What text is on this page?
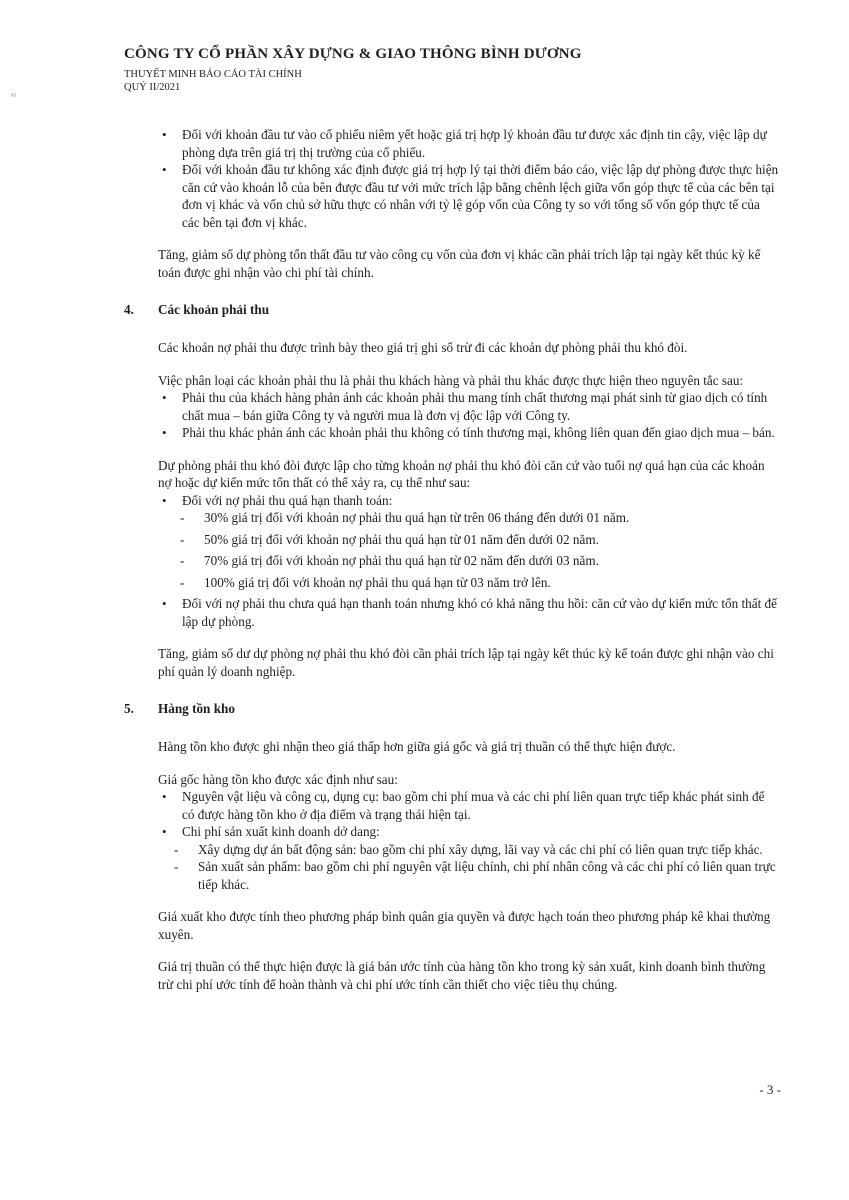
CÔNG TY CỔ PHẦN XÂY DỰNG & GIAO THÔNG BÌNH DƯƠNG
THUYẾT MINH BÁO CÁO TÀI CHÍNH
QUÝ II/2021
≈
• Đối với khoản đầu tư vào cổ phiếu niêm yết hoặc giá trị hợp lý khoản đầu tư được xác định tin cậy, việc lập dự phòng dựa trên giá trị thị trường của cổ phiếu.
• Đối với khoản đầu tư không xác định được giá trị hợp lý tại thời điểm báo cáo, việc lập dự phòng được thực hiện căn cứ vào khoản lỗ của bên được đầu tư với mức trích lập bằng chênh lệch giữa vốn góp thực tế của các bên tại đơn vị khác và vốn chủ sở hữu thực có nhân với tỷ lệ góp vốn của Công ty so với tổng số vốn góp thực tế của các bên tại đơn vị khác.

Tăng, giảm số dự phòng tổn thất đầu tư vào công cụ vốn của đơn vị khác cần phải trích lập tại ngày kết thúc kỳ kế toán được ghi nhận vào chi phí tài chính.

4. Các khoản phải thu

Các khoản nợ phải thu được trình bày theo giá trị ghi sổ trừ đi các khoản dự phòng phải thu khó đòi.

Việc phân loại các khoản phải thu là phải thu khách hàng và phải thu khác được thực hiện theo nguyên tắc sau:

• Phải thu của khách hàng phản ánh các khoản phải thu mang tính chất thương mại phát sinh từ giao dịch có tính chất mua – bán giữa Công ty và người mua là đơn vị độc lập với Công ty.
• Phải thu khác phản ánh các khoản phải thu không có tính thương mại, không liên quan đến giao dịch mua – bán.

Dự phòng phải thu khó đòi được lập cho từng khoản nợ phải thu khó đòi căn cứ vào tuổi nợ quá hạn của các khoản nợ hoặc dự kiến mức tổn thất có thể xảy ra, cụ thể như sau:

• Đối với nợ phải thu quá hạn thanh toán:
- 30% giá trị đối với khoản nợ phải thu quá hạn từ trên 06 tháng đến dưới 01 năm.
- 50% giá trị đối với khoản nợ phải thu quá hạn từ 01 năm đến dưới 02 năm.
- 70% giá trị đối với khoản nợ phải thu quá hạn từ 02 năm đến dưới 03 năm.
- 100% giá trị đối với khoản nợ phải thu quá hạn từ 03 năm trở lên.
• Đối với nợ phải thu chưa quá hạn thanh toán nhưng khó có khả năng thu hồi: căn cứ vào dự kiến mức tổn thất để lập dự phòng.

Tăng, giảm số dư dự phòng nợ phải thu khó đòi cần phải trích lập tại ngày kết thúc kỳ kế toán được ghi nhận vào chi phí quản lý doanh nghiệp.

5. Hàng tồn kho

Hàng tồn kho được ghi nhận theo giá thấp hơn giữa giá gốc và giá trị thuần có thể thực hiện được.

Giá gốc hàng tồn kho được xác định như sau:

• Nguyên vật liệu và công cụ, dụng cụ: bao gồm chi phí mua và các chi phí liên quan trực tiếp khác phát sinh để có được hàng tồn kho ở địa điểm và trạng thái hiện tại.
• Chi phí sản xuất kinh doanh dở dang:
- Xây dựng dự án bất động sản: bao gồm chi phí xây dựng, lãi vay và các chi phí có liên quan trực tiếp khác.
- Sản xuất sản phẩm: bao gồm chi phí nguyên vật liệu chính, chi phí nhân công và các chi phí có liên quan trực tiếp khác.

Giá xuất kho được tính theo phương pháp bình quân gia quyền và được hạch toán theo phương pháp kê khai thường xuyên.

Giá trị thuần có thể thực hiện được là giá bán ước tính của hàng tồn kho trong kỳ sản xuất, kinh doanh bình thường trừ chi phí ước tính để hoàn thành và chi phí ước tính cần thiết cho việc tiêu thụ chúng.

- 3 -
